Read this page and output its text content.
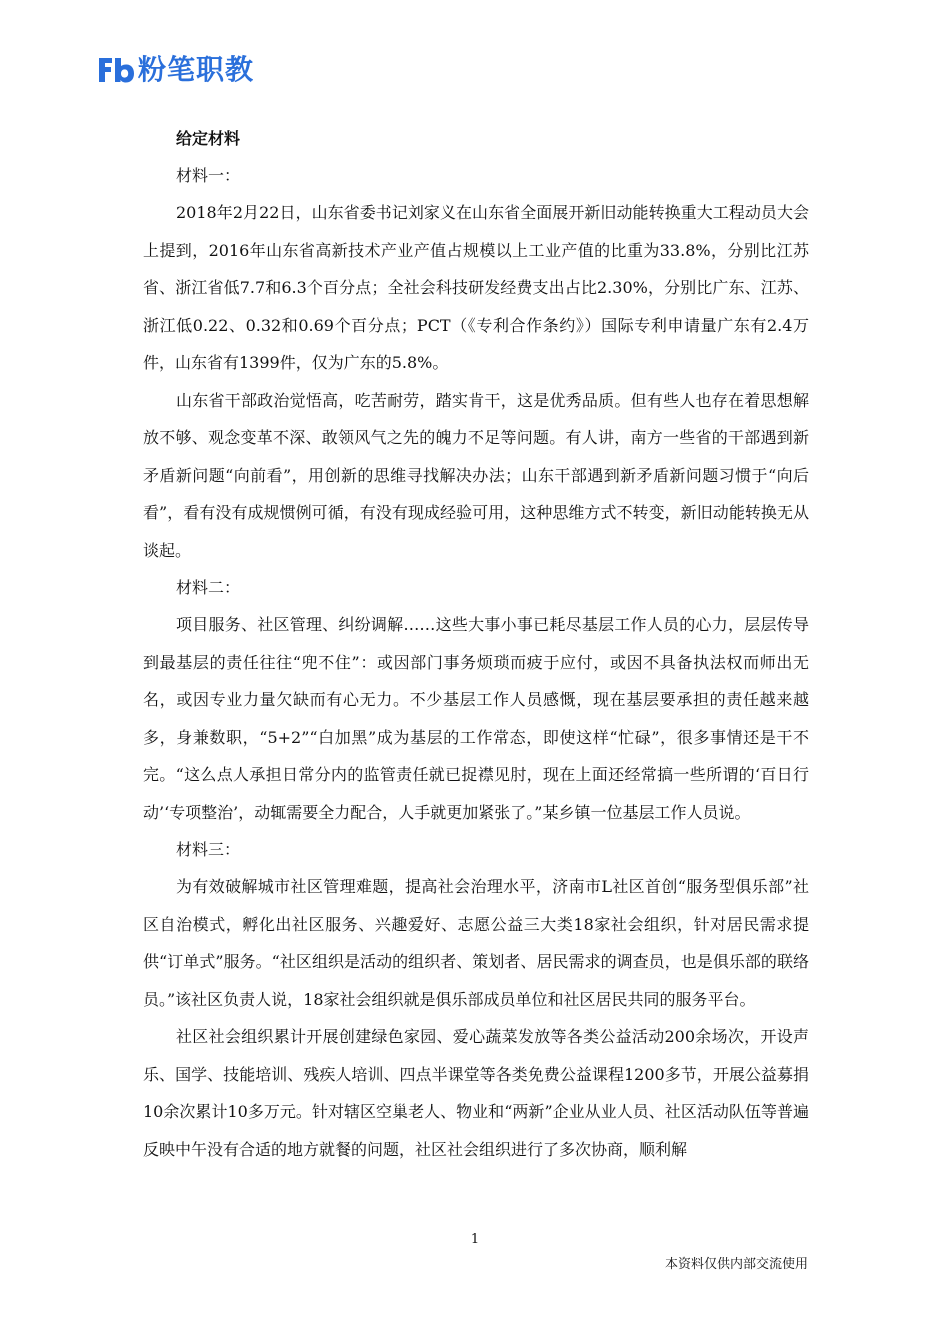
粉笔职教

给定材料

材料一：

2018年2月22日，山东省委书记刘家义在山东省全面展开新旧动能转换重大工程动员大会上提到，2016年山东省高新技术产业产值占规模以上工业产值的比重为33.8%，分别比江苏省、浙江省低7.7和6.3个百分点；全社会科技研发经费支出占比2.30%，分别比广东、江苏、浙江低0.22、0.32和0.69个百分点；PCT（《专利合作条约》）国际专利申请量广东有2.4万件，山东省有1399件，仅为广东的5.8%。

山东省干部政治觉悟高，吃苦耐劳，踏实肯干，这是优秀品质。但有些人也存在着思想解放不够、观念变革不深、敢领风气之先的魄力不足等问题。有人讲，南方一些省的干部遇到新矛盾新问题“向前看”，用创新的思维寻找解决办法；山东干部遇到新矛盾新问题习惯于“向后看”，看有没有成规惯例可循，有没有现成经验可用，这种思维方式不转变，新旧动能转换无从谈起。

材料二：

项目服务、社区管理、纠纷调解……这些大事小事已耗尽基层工作人员的心力，层层传导到最基层的责任往往“兜不住”：或因部门事务烦琐而疲于应付，或因不具备执法权而师出无名，或因专业力量欠缺而有心无力。不少基层工作人员感慨，现在基层要承担的责任越来越多，身兼数职，“5+2”“白加黑”成为基层的工作常态，即使这样“忙碌”，很多事情还是干不完。“这么点人承担日常分内的监管责任就已捉襟见肘，现在上面还经常搞一些所谓的‘百日行动’‘专项整治’，动辄需要全力配合，人手就更加紧张了。”某乡镇一位基层工作人员说。

材料三：

为有效破解城市社区管理难题，提高社会治理水平，济南市L社区首创“服务型俱乐部”社区自治模式，孵化出社区服务、兴趣爱好、志愿公益三大类18家社会组织，针对居民需求提供“订单式”服务。“社区组织是活动的组织者、策划者、居民需求的调查员，也是俱乐部的联络员。”该社区负责人说，18家社会组织就是俱乐部成员单位和社区居民共同的服务平台。

社区社会组织累计开展创建绿色家园、爱心蔬菜发放等各类公益活动200余场次，开设声乐、国学、技能培训、残疾人培训、四点半课堂等各类免费公益课程1200多节，开展公益募捐10余次累计10多万元。针对辖区空巢老人、物业和“两新”企业从业人员、社区活动队伍等普遍反映中午没有合适的地方就餐的问题，社区社会组织进行了多次协商，顺利解

1
本资料仅供内部交流使用
